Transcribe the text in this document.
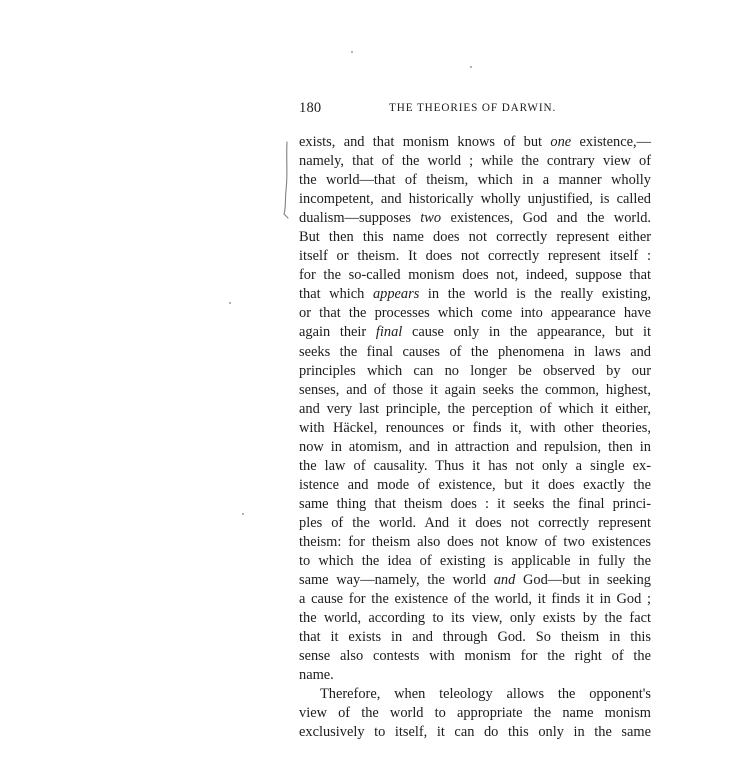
180	THE THEORIES OF DARWIN.
exists, and that monism knows of but one existence,—
namely, that of the world ; while the contrary view of
the world—that of theism, which in a manner wholly
incompetent, and historically wholly unjustified, is called
dualism—supposes two existences, God and the world.
But then this name does not correctly represent either
itself or theism. It does not correctly represent itself :
for the so-called monism does not, indeed, suppose that
that which appears in the world is the really existing,
or that the processes which come into appearance have
again their final cause only in the appearance, but it
seeks the final causes of the phenomena in laws and
principles which can no longer be observed by our
senses, and of those it again seeks the common, highest,
and very last principle, the perception of which it either,
with Häckel, renounces or finds it, with other theories,
now in atomism, and in attraction and repulsion, then in
the law of causality. Thus it has not only a single ex-
istence and mode of existence, but it does exactly the
same thing that theism does : it seeks the final princi-
ples of the world. And it does not correctly represent
theism: for theism also does not know of two existences
to which the idea of existing is applicable in fully the
same way—namely, the world and God—but in seeking
a cause for the existence of the world, it finds it in God ;
the world, according to its view, only exists by the fact
that it exists in and through God. So theism in this
sense also contests with monism for the right of the
name.
Therefore, when teleology allows the opponent's
view of the world to appropriate the name monism
exclusively to itself, it can do this only in the same
